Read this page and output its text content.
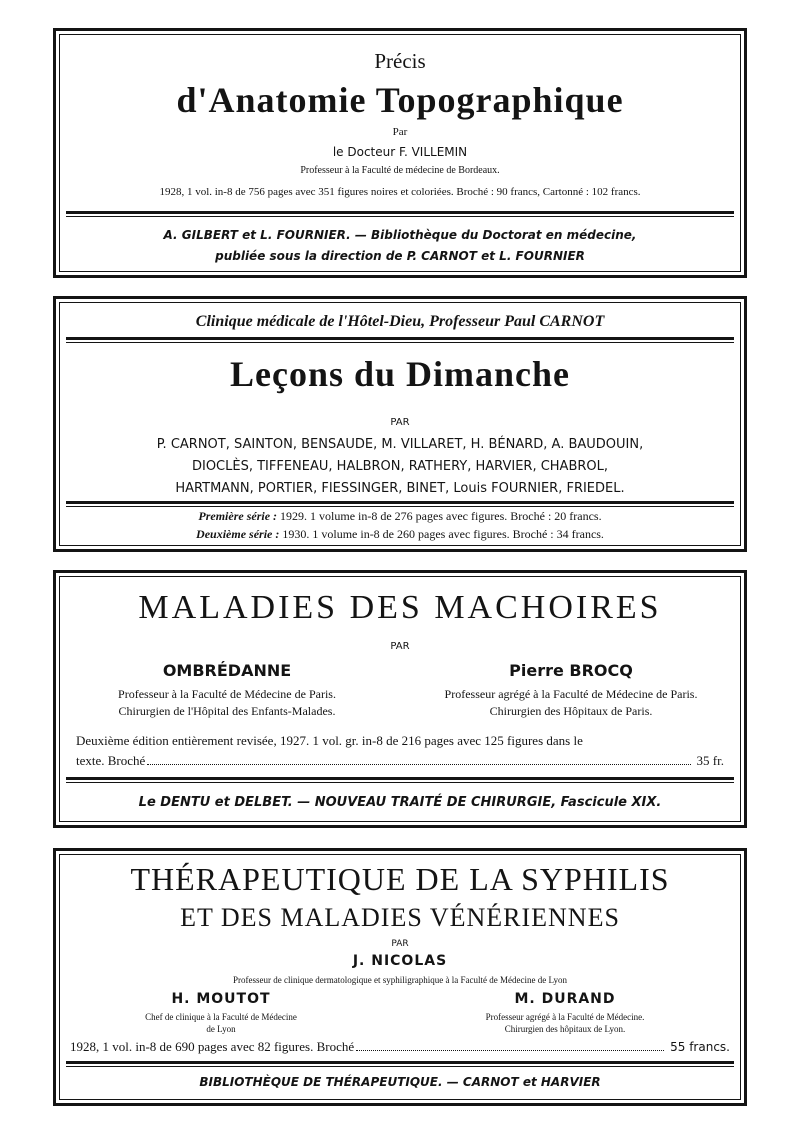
Précis
d'Anatomie Topographique
Par
le Docteur F. VILLEMIN
Professeur à la Faculté de médecine de Bordeaux.
1928, 1 vol. in-8 de 756 pages avec 351 figures noires et coloriées. Broché : 90 francs, Cartonné : 102 francs.
A. GILBERT et L. FOURNIER. — Bibliothèque du Doctorat en médecine,
publiée sous la direction de P. CARNOT et L. FOURNIER
Clinique médicale de l'Hôtel-Dieu, Professeur Paul CARNOT
Leçons du Dimanche
PAR
P. CARNOT, SAINTON, BENSAUDE, M. VILLARET, H. BÉNARD, A. BAUDOUIN,
DIOCLÈS, TIFFENEAU, HALBRON, RATHERY, HARVIER, CHABROL,
HARTMANN, PORTIER, FIESSINGER, BINET, Louis FOURNIER, FRIEDEL.
Première série : 1929. 1 volume in-8 de 276 pages avec figures. Broché : 20 francs.
Deuxième série : 1930. 1 volume in-8 de 260 pages avec figures. Broché : 34 francs.
MALADIES DES MACHOIRES
PAR
OMBRÉDANNE	Pierre BROCQ
Professeur à la Faculté de Médecine de Paris.
Chirurgien de l'Hôpital des Enfants-Malades.
Professeur agrégé à la Faculté de Médecine de Paris.
Chirurgien des Hôpitaux de Paris.
Deuxième édition entièrement revisée, 1927. 1 vol. gr. in-8 de 216 pages avec 125 figures dans le
texte. Broché	35 fr.
Le DENTU et DELBET. — NOUVEAU TRAITÉ DE CHIRURGIE, Fascicule XIX.
THÉRAPEUTIQUE DE LA SYPHILIS
ET DES MALADIES VÉNÉRIENNES
PAR
J. NICOLAS
Professeur de clinique dermatologique et syphiligraphique à la Faculté de Médecine de Lyon
H. MOUTOT	M. DURAND
Chef de clinique à la Faculté de Médecine
de Lyon
Professeur agrégé à la Faculté de Médecine.
Chirurgien des hôpitaux de Lyon.
1928, 1 vol. in-8 de 690 pages avec 82 figures. Broché	55 francs.
BIBLIOTHÈQUE DE THÉRAPEUTIQUE. — CARNOT et HARVIER
